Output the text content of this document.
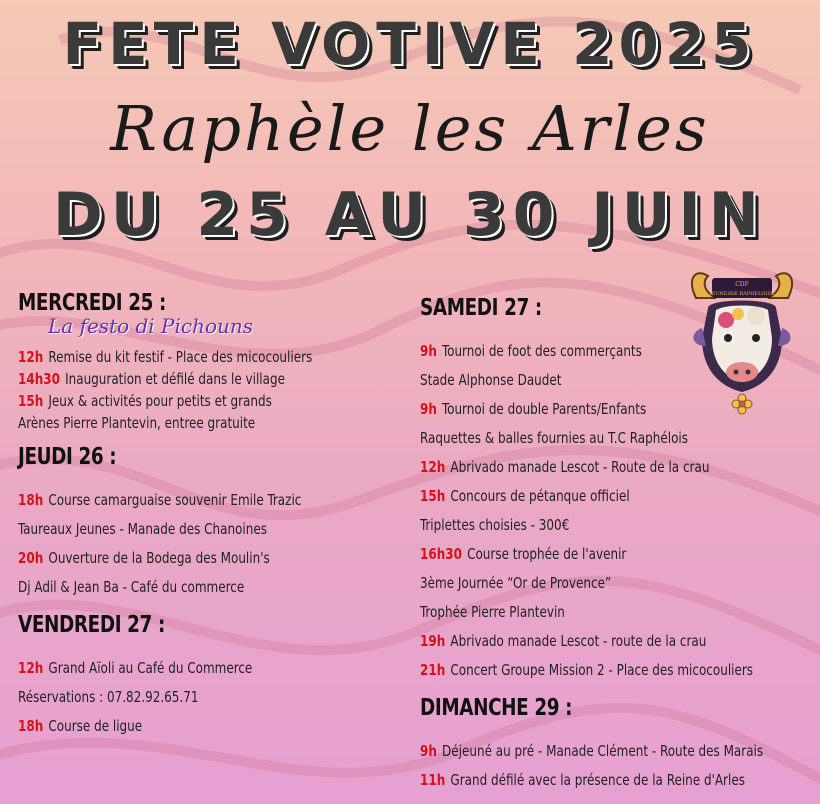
FETE VOTIVE 2025
Raphèle les Arles
DU 25 AU 30 JUIN
CDF
JEUNESSE RAPHELOISE
MERCREDI 25 :
La festo di Pichouns
12h Remise du kit festif - Place des micocouliers
14h30 Inauguration et défilé dans le village
15h Jeux & activités pour petits et grands
Arènes Pierre Plantevin, entree gratuite
JEUDI 26 :
18h Course camarguaise souvenir Emile Trazic
Taureaux Jeunes - Manade des Chanoines
20h Ouverture de la Bodega des Moulin's
Dj Adil & Jean Ba - Café du commerce
VENDREDI 27 :
12h Grand Aïoli au Café du Commerce
Réservations : 07.82.92.65.71
18h Course de ligue
SAMEDI 27 :
9h Tournoi de foot des commerçants
Stade Alphonse Daudet
9h Tournoi de double Parents/Enfants
Raquettes & balles fournies au T.C Raphélois
12h Abrivado manade Lescot - Route de la crau
15h Concours de pétanque officiel
Triplettes choisies - 300€
16h30 Course trophée de l'avenir
3ème Journée “Or de Provence”
Trophée Pierre Plantevin
19h Abrivado manade Lescot - route de la crau
21h Concert Groupe Mission 2 - Place des micocouliers
DIMANCHE 29 :
9h Déjeuné au pré - Manade Clément - Route des Marais
11h Grand défilé avec la présence de la Reine d'Arles
